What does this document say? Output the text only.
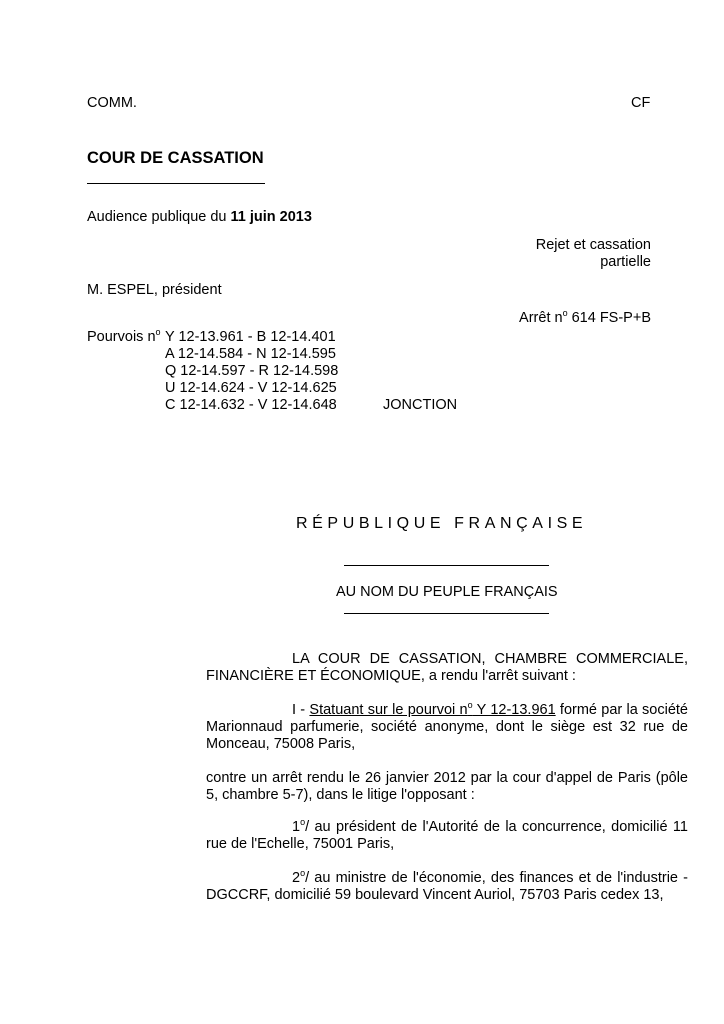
COMM.	CF
COUR DE CASSATION
Audience publique du 11 juin 2013
Rejet et cassation
partielle
M. ESPEL, président
Arrêt $n^o$ 614 FS-P+B
Pourvois $n^o$ Y 12-13.961 - B 12-14.401
A 12-14.584 - N 12-14.595
Q 12-14.597 - R 12-14.598
U 12-14.624 - V 12-14.625
C 12-14.632 - V 12-14.648	JONCTION
RÉPUBLIQUE FRANÇAISE
AU NOM DU PEUPLE FRANÇAIS
LA COUR DE CASSATION, CHAMBRE COMMERCIALE,
FINANCIÈRE ET ÉCONOMIQUE, a rendu l'arrêt suivant :
I - Statuant sur le pourvoi $n^o$ Y 12-13.961 formé par la société Marionnaud parfumerie, société anonyme, dont le siège est 32 rue de Monceau, 75008 Paris,
contre un arrêt rendu le 26 janvier 2012 par la cour d'appel de Paris (pôle 5, chambre 5-7), dans le litige l'opposant :
1$^o$/ au président de l'Autorité de la concurrence, domicilié 11 rue de l'Echelle, 75001 Paris,
2$^o$/ au ministre de l'économie, des finances et de l'industrie - DGCCRF, domicilié 59 boulevard Vincent Auriol, 75703 Paris cedex 13,
